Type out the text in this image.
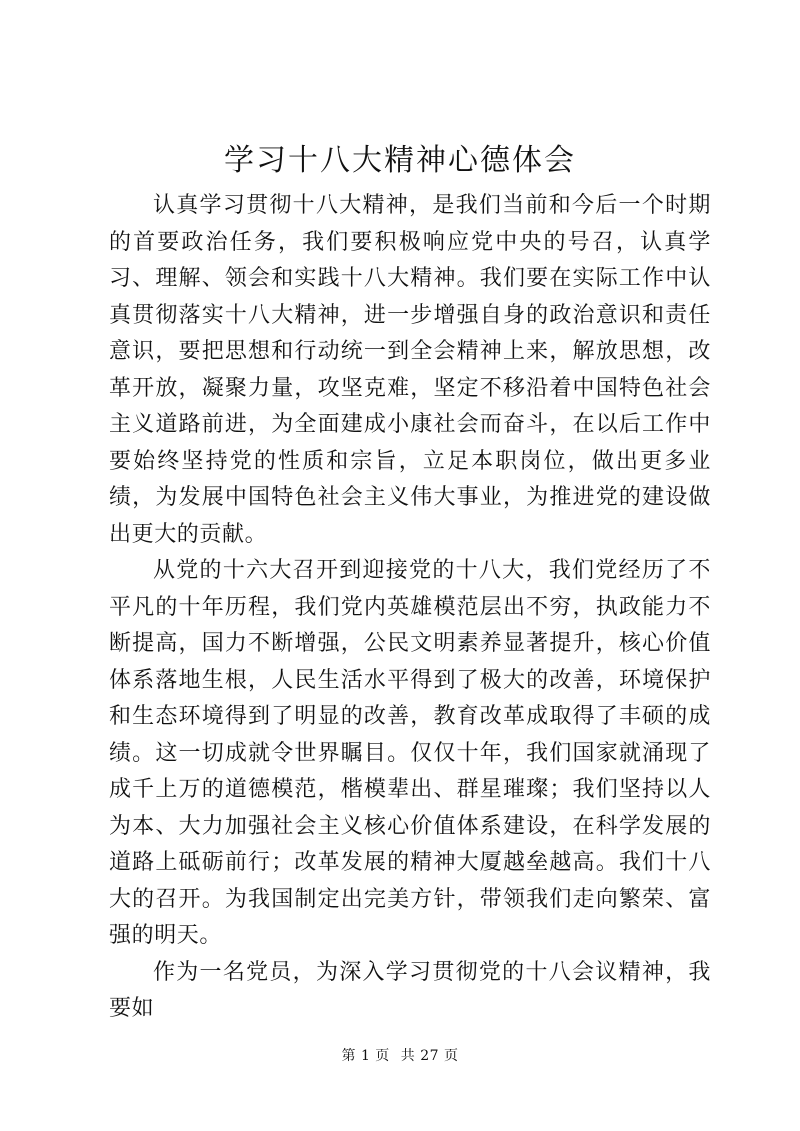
学习十八大精神心德体会

认真学习贯彻十八大精神，是我们当前和今后一个时期的首要政治任务，我们要积极响应党中央的号召，认真学习、理解、领会和实践十八大精神。我们要在实际工作中认真贯彻落实十八大精神，进一步增强自身的政治意识和责任意识，要把思想和行动统一到全会精神上来，解放思想，改革开放，凝聚力量，攻坚克难，坚定不移沿着中国特色社会主义道路前进，为全面建成小康社会而奋斗，在以后工作中要始终坚持党的性质和宗旨，立足本职岗位，做出更多业绩，为发展中国特色社会主义伟大事业，为推进党的建设做出更大的贡献。

从党的十六大召开到迎接党的十八大，我们党经历了不平凡的十年历程，我们党内英雄模范层出不穷，执政能力不断提高，国力不断增强，公民文明素养显著提升，核心价值体系落地生根，人民生活水平得到了极大的改善，环境保护和生态环境得到了明显的改善，教育改革成取得了丰硕的成绩。这一切成就令世界瞩目。仅仅十年，我们国家就涌现了成千上万的道德模范，楷模辈出、群星璀璨；我们坚持以人为本、大力加强社会主义核心价值体系建设，在科学发展的道路上砥砺前行；改革发展的精神大厦越垒越高。我们十八大的召开。为我国制定出完美方针，带领我们走向繁荣、富强的明天。

作为一名党员，为深入学习贯彻党的十八会议精神，我要如

第 1 页 共 27 页
